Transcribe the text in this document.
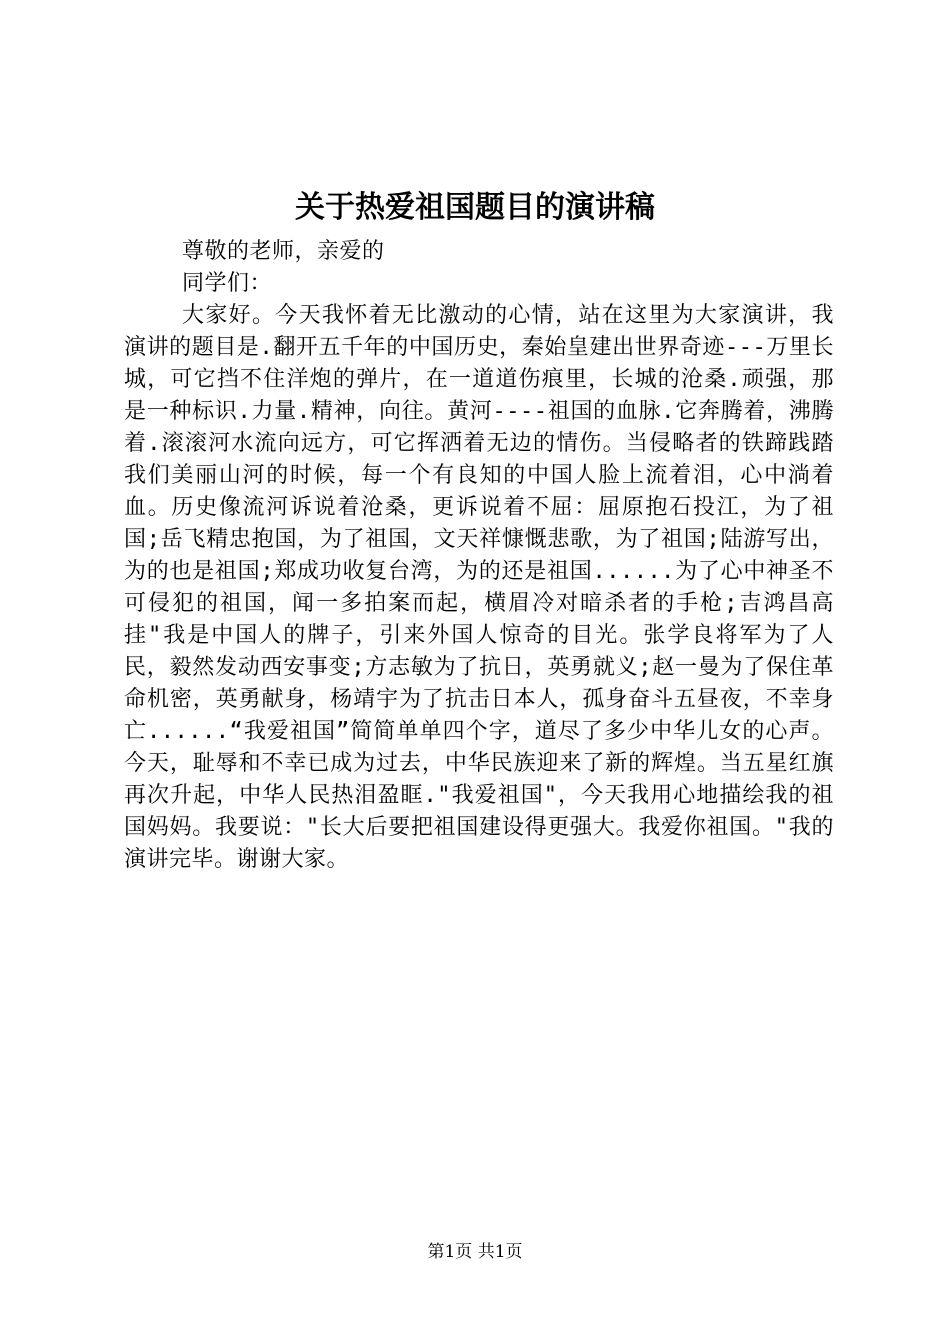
关于热爱祖国题目的演讲稿

尊敬的老师，亲爱的

同学们：

大家好。今天我怀着无比激动的心情，站在这里为大家演讲，我演讲的题目是.翻开五千年的中国历史，秦始皇建出世界奇迹---万里长城，可它挡不住洋炮的弹片，在一道道伤痕里，长城的沧桑.顽强，那是一种标识.力量.精神，向往。黄河----祖国的血脉.它奔腾着，沸腾着.滚滚河水流向远方，可它挥洒着无边的情伤。当侵略者的铁蹄践踏我们美丽山河的时候，每一个有良知的中国人脸上流着泪，心中淌着血。历史像流河诉说着沧桑，更诉说着不屈：屈原抱石投江，为了祖国;岳飞精忠抱国，为了祖国，文天祥慷慨悲歌，为了祖国;陆游写出，为的也是祖国;郑成功收复台湾，为的还是祖国......为了心中神圣不可侵犯的祖国，闻一多拍案而起，横眉冷对暗杀者的手枪;吉鸿昌高挂"我是中国人的牌子，引来外国人惊奇的目光。张学良将军为了人民，毅然发动西安事变;方志敏为了抗日，英勇就义;赵一曼为了保住革命机密，英勇献身，杨靖宇为了抗击日本人，孤身奋斗五昼夜，不幸身亡......“我爱祖国”简简单单四个字，道尽了多少中华儿女的心声。今天，耻辱和不幸已成为过去，中华民族迎来了新的辉煌。当五星红旗再次升起，中华人民热泪盈眶."我爱祖国"，今天我用心地描绘我的祖国妈妈。我要说："长大后要把祖国建设得更强大。我爱你祖国。"我的演讲完毕。谢谢大家。

第1页 共1页
